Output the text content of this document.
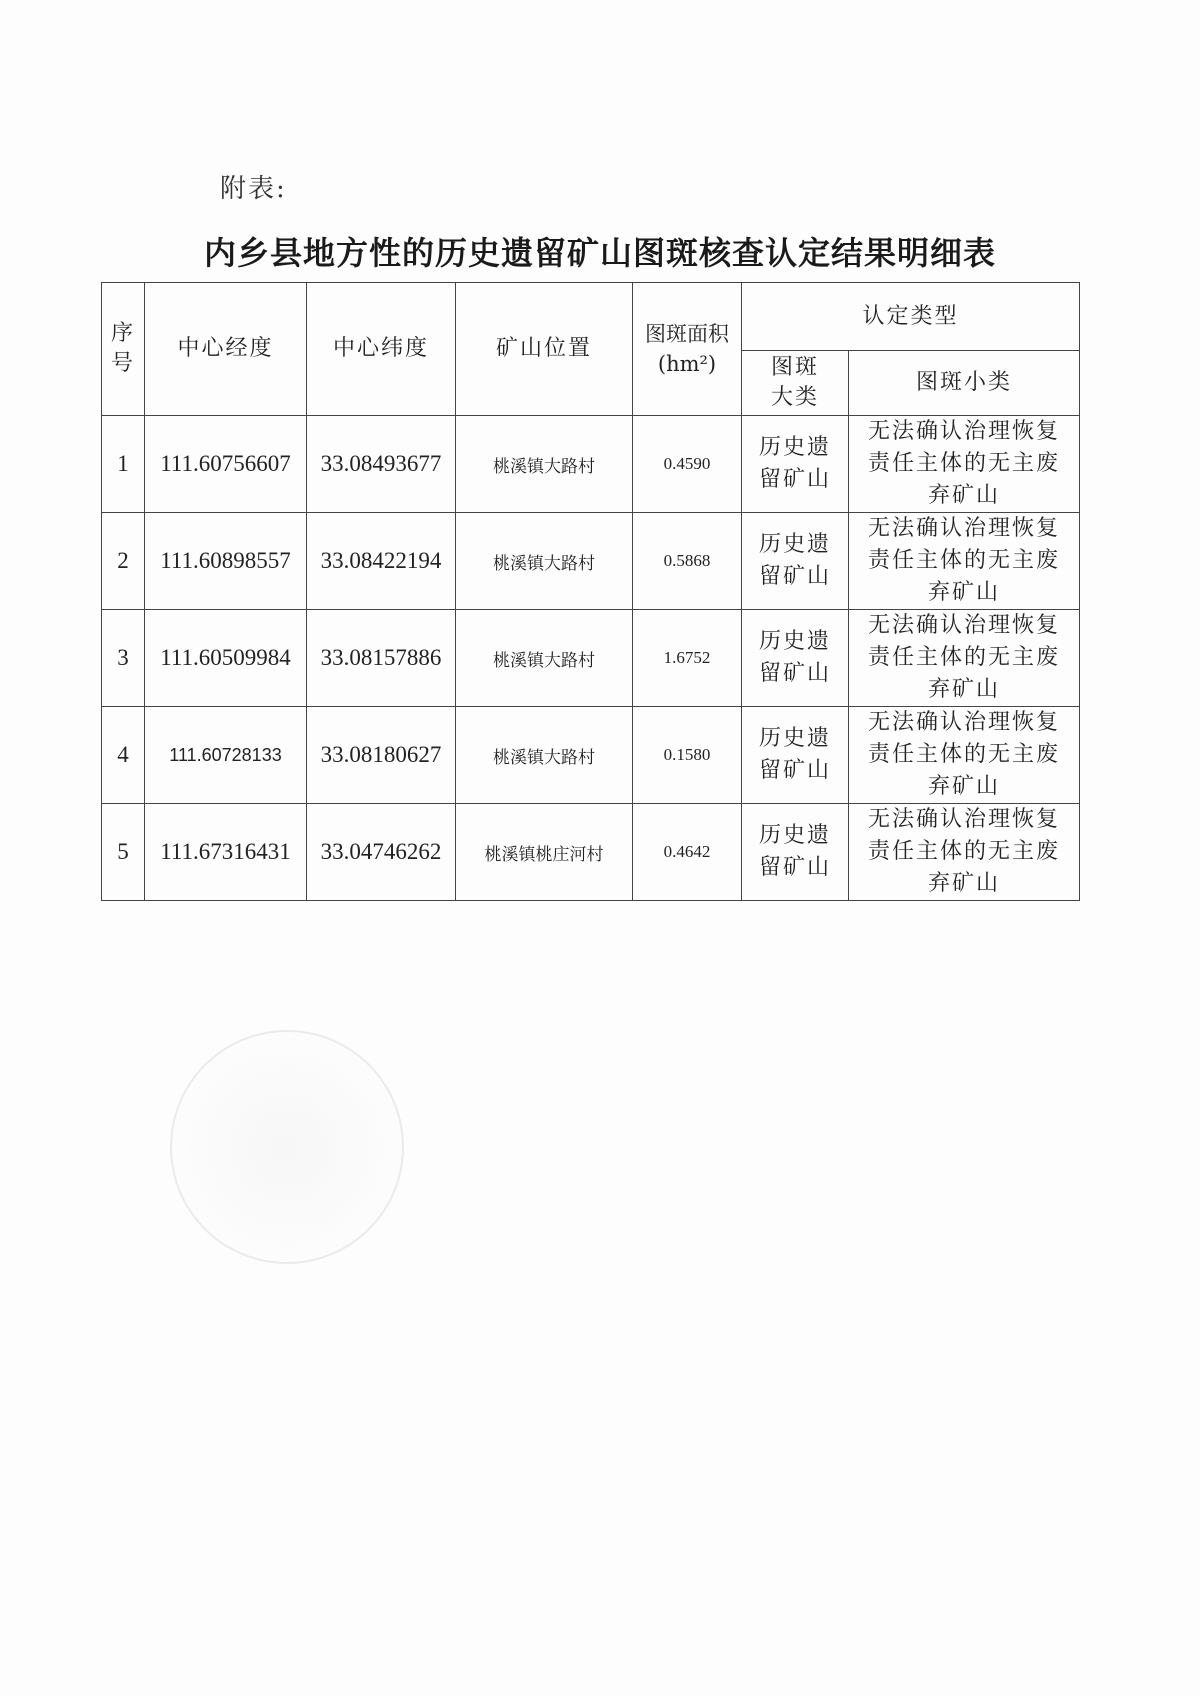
附表:
内乡县地方性的历史遗留矿山图斑核查认定结果明细表
序号	中心经度	中心纬度	矿山位置	图斑面积(hm²)	认定类型	

					图斑大类	图斑小类
1	111.60756607	33.08493677	桃溪镇大路村	0.4590	历史遗留矿山	无法确认治理恢复责任主体的无主废弃矿山

2	111.60898557	33.08422194	桃溪镇大路村	0.5868	历史遗留矿山	无法确认治理恢复责任主体的无主废弃矿山

3	111.60509984	33.08157886	桃溪镇大路村	1.6752	历史遗留矿山	无法确认治理恢复责任主体的无主废弃矿山

4	111.60728133	33.08180627	桃溪镇大路村	0.1580	历史遗留矿山	无法确认治理恢复责任主体的无主废弃矿山

5	111.67316431	33.04746262	桃溪镇桃庄河村	0.4642	历史遗留矿山	无法确认治理恢复责任主体的无主废弃矿山
